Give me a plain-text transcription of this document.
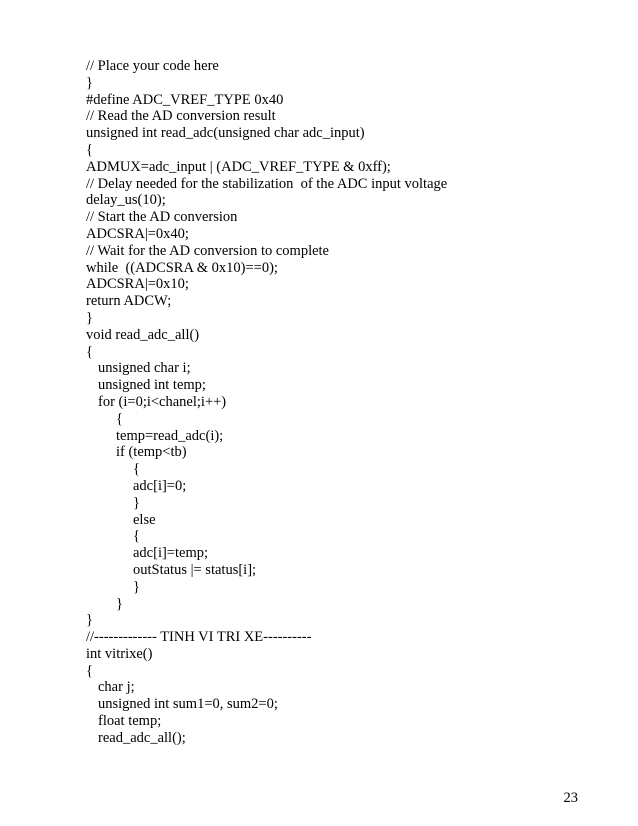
// Place your code here
}
#define ADC_VREF_TYPE 0x40
// Read the AD conversion result
unsigned int read_adc(unsigned char adc_input)
{
ADMUX=adc_input | (ADC_VREF_TYPE & 0xff);
// Delay needed for the stabilization  of the ADC input voltage
delay_us(10);
// Start the AD conversion
ADCSRA|=0x40;
// Wait for the AD conversion to complete
while  ((ADCSRA & 0x10)==0);
ADCSRA|=0x10;
return ADCW;
}
void read_adc_all()
{
unsigned char i;
unsigned int temp;
for (i=0;i<chanel;i++)
{
temp=read_adc(i);
if (temp<tb)
{
adc[i]=0;
}
else
{
adc[i]=temp;
outStatus |= status[i];
}
}
}
//------------- TINH VI TRI XE----------
int vitrixe()
{
char j;
unsigned int sum1=0, sum2=0;
float temp;
read_adc_all();
23
